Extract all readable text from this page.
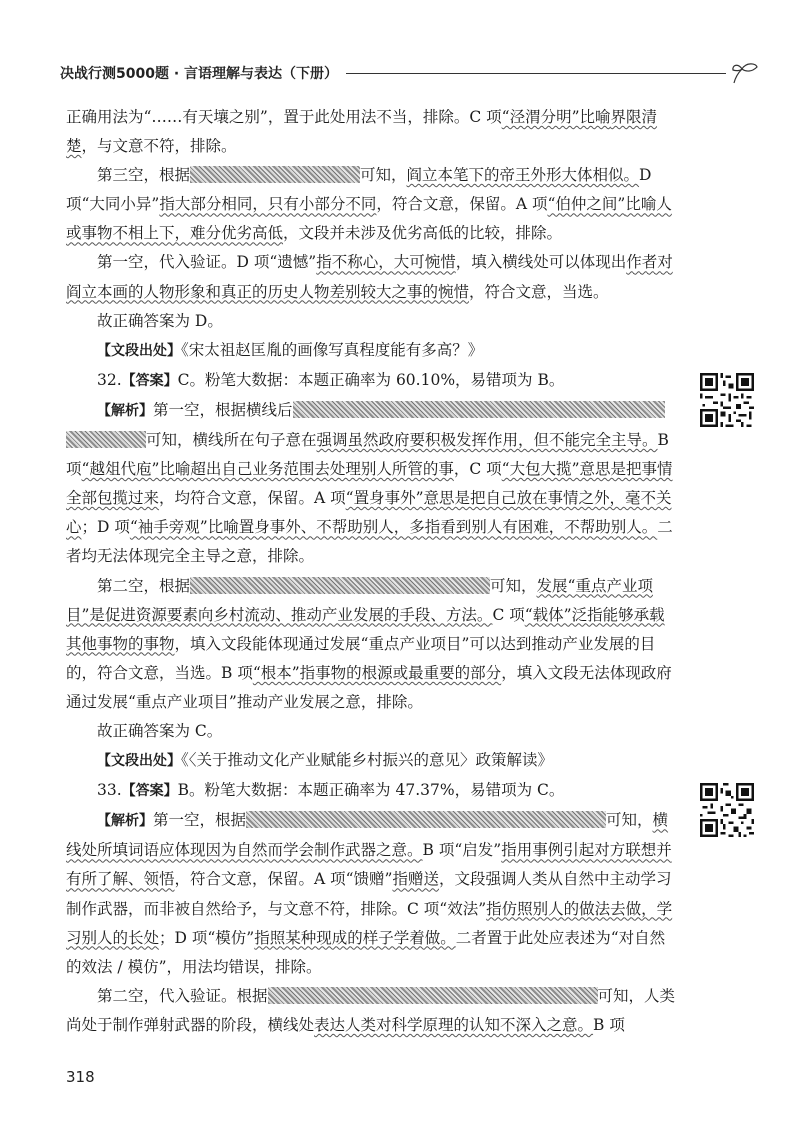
决战行测5000题 · 言语理解与表达（下册）

正确用法为“……有天壤之别”，置于此处用法不当，排除。C 项“泾渭分明”比喻界限清楚，与文意不符，排除。

第三空，根据	可知，阎立本笔下的帝王外形大体相似。D 项“大同小异”指大部分相同，只有小部分不同，符合文意，保留。A 项“伯仲之间”比喻人或事物不相上下，难分优劣高低，文段并未涉及优劣高低的比较，排除。

第一空，代入验证。D 项“遗憾”指不称心，大可惋惜，填入横线处可以体现出作者对阎立本画的人物形象和真正的历史人物差别较大之事的惋惜，符合文意，当选。

故正确答案为 D。

【文段出处】《宋太祖赵匡胤的画像写真程度能有多高？》

32.【答案】C。粉笔大数据：本题正确率为 60.10%，易错项为 B。

【解析】第一空，根据横线后可知，横线所在句子意在强调虽然政府要积极发挥作用，但不能完全主导。B 项“越俎代庖”比喻超出自己业务范围去处理别人所管的事，C 项“大包大揽”意思是把事情全部包揽过来，均符合文意，保留。A 项“置身事外”意思是把自己放在事情之外，毫不关心；D 项“袖手旁观”比喻置身事外、不帮助别人，多指看到别人有困难，不帮助别人。二者均无法体现完全主导之意，排除。

第二空，根据	可知，发展“重点产业项目”是促进资源要素向乡村流动、推动产业发展的手段、方法。C 项“载体”泛指能够承载其他事物的事物，填入文段能体现通过发展“重点产业项目”可以达到推动产业发展的目的，符合文意，当选。B 项“根本”指事物的根源或最重要的部分，填入文段无法体现政府通过发展“重点产业项目”推动产业发展之意，排除。

故正确答案为 C。

【文段出处】《〈关于推动文化产业赋能乡村振兴的意见〉政策解读》

33.【答案】B。粉笔大数据：本题正确率为 47.37%，易错项为 C。

【解析】第一空，根据	可知，横线处所填词语应体现因为自然而学会制作武器之意。B 项“启发”指用事例引起对方联想并有所了解、领悟，符合文意，保留。A 项“馈赠”指赠送，文段强调人类从自然中主动学习制作武器，而非被自然给予，与文意不符，排除。C 项“效法”指仿照别人的做法去做，学习别人的长处；D 项“模仿”指照某种现成的样子学着做。二者置于此处应表述为“对自然的效法 / 模仿”，用法均错误，排除。

第二空，代入验证。根据	可知，人类尚处于制作弹射武器的阶段，横线处表达人类对科学原理的认知不深入之意。B 项

318
